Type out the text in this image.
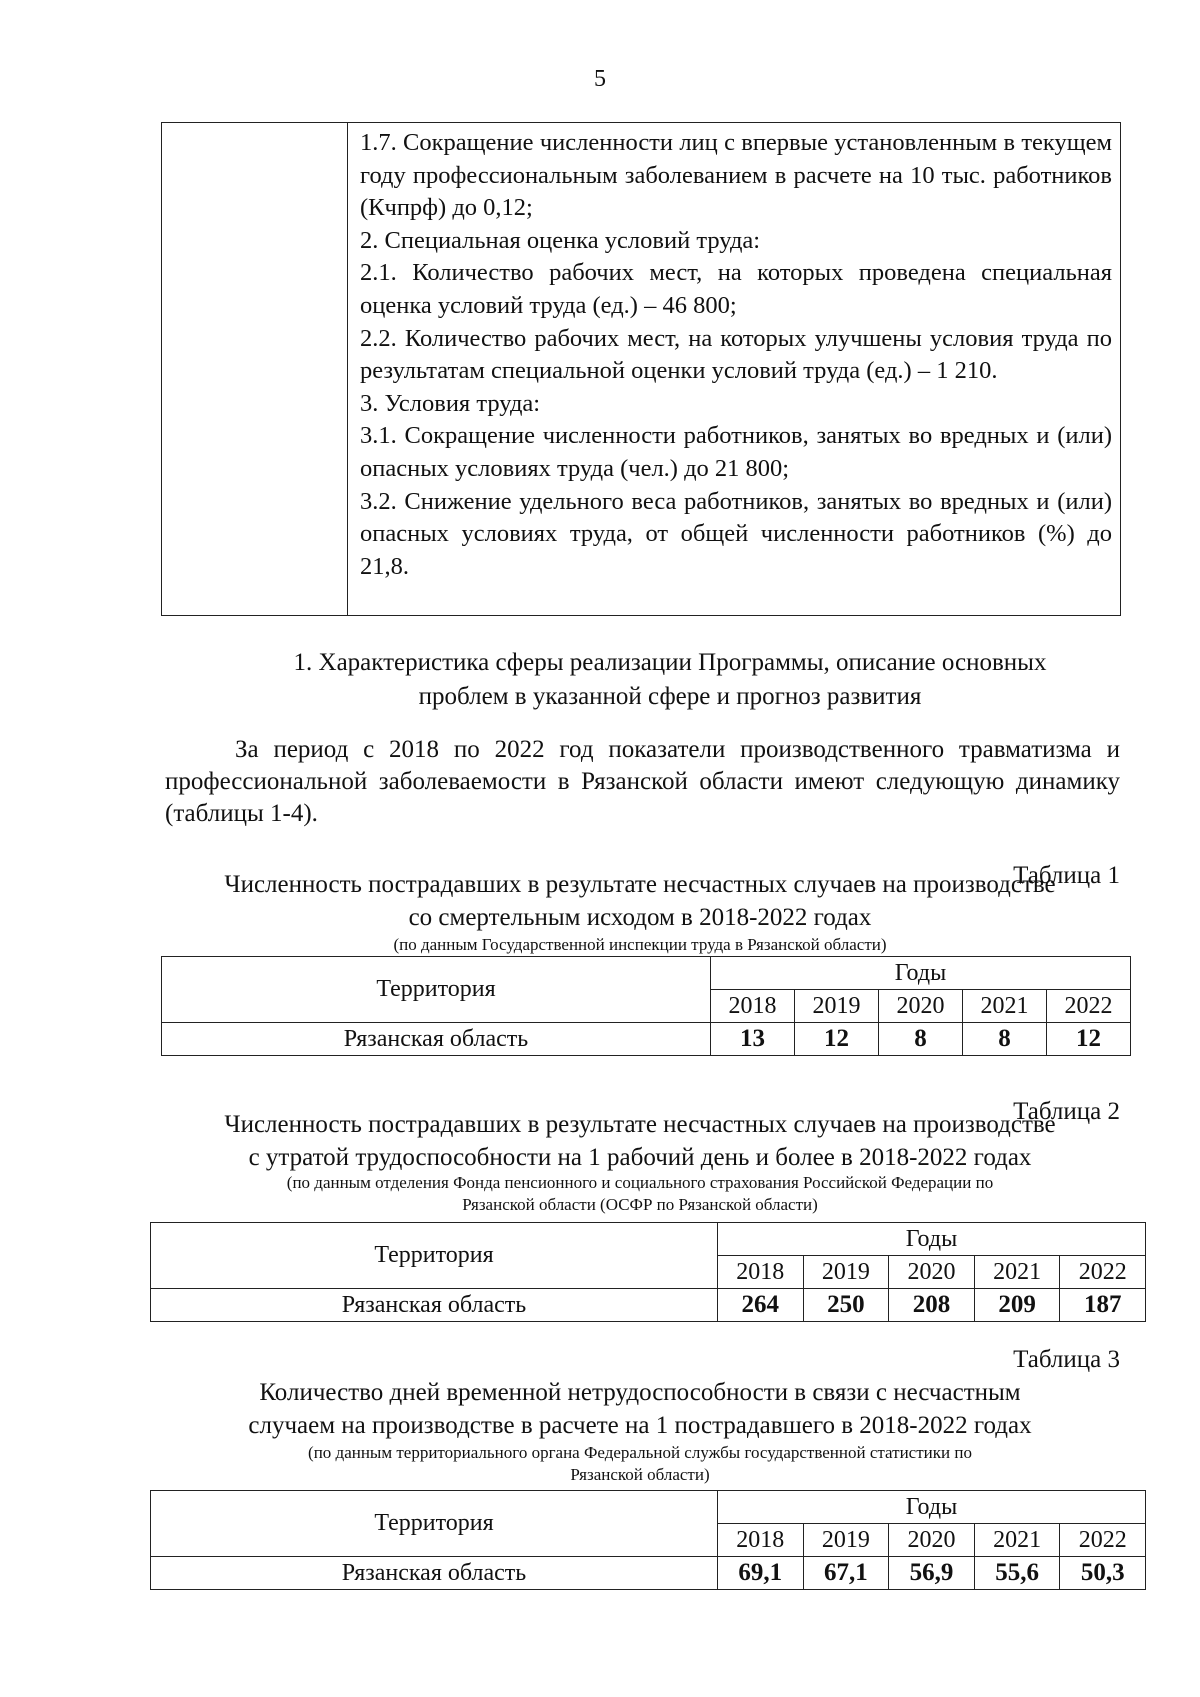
5

1.7. Сокращение численности лиц с впервые установленным в текущем году профессиональным заболеванием в расчете на 10 тыс. работников (Кчпрф) до 0,12;

2. Специальная оценка условий труда:

2.1. Количество рабочих мест, на которых проведена специальная оценка условий труда (ед.) – 46 800;

2.2. Количество рабочих мест, на которых улучшены условия труда по результатам специальной оценки условий труда (ед.) – 1 210.

3. Условия труда:

3.1. Сокращение численности работников, занятых во вредных и (или) опасных условиях труда (чел.) до 21 800;

3.2. Снижение удельного веса работников, занятых во вредных и (или) опасных условиях труда, от общей численности работников (%) до 21,8.

1. Характеристика сферы реализации Программы, описание основных
проблем в указанной сфере и прогноз развития

За период с 2018 по 2022 год показатели производственного травматизма и профессиональной заболеваемости в Рязанской области имеют следующую динамику (таблицы 1-4).

Таблица 1
Численность пострадавших в результате несчастных случаев на производстве
со смертельным исходом в 2018-2022 годах
(по данным Государственной инспекции труда в Рязанской области)
Территория	Годы				
	2018	2019	2020	2021	2022
Рязанская область	13	12	8	8	12
Таблица 2
Численность пострадавших в результате несчастных случаев на производстве
с утратой трудоспособности на 1 рабочий день и более в 2018-2022 годах
(по данным отделения Фонда пенсионного и социального страхования Российской Федерации по
Рязанской области (ОСФР по Рязанской области)
Территория	Годы				
	2018	2019	2020	2021	2022
Рязанская область	264	250	208	209	187
Таблица 3
Количество дней временной нетрудоспособности в связи с несчастным
случаем на производстве в расчете на 1 пострадавшего в 2018-2022 годах
(по данным территориального органа Федеральной службы государственной статистики по
Рязанской области)
Территория	Годы				
	2018	2019	2020	2021	2022
Рязанская область	69,1	67,1	56,9	55,6	50,3
